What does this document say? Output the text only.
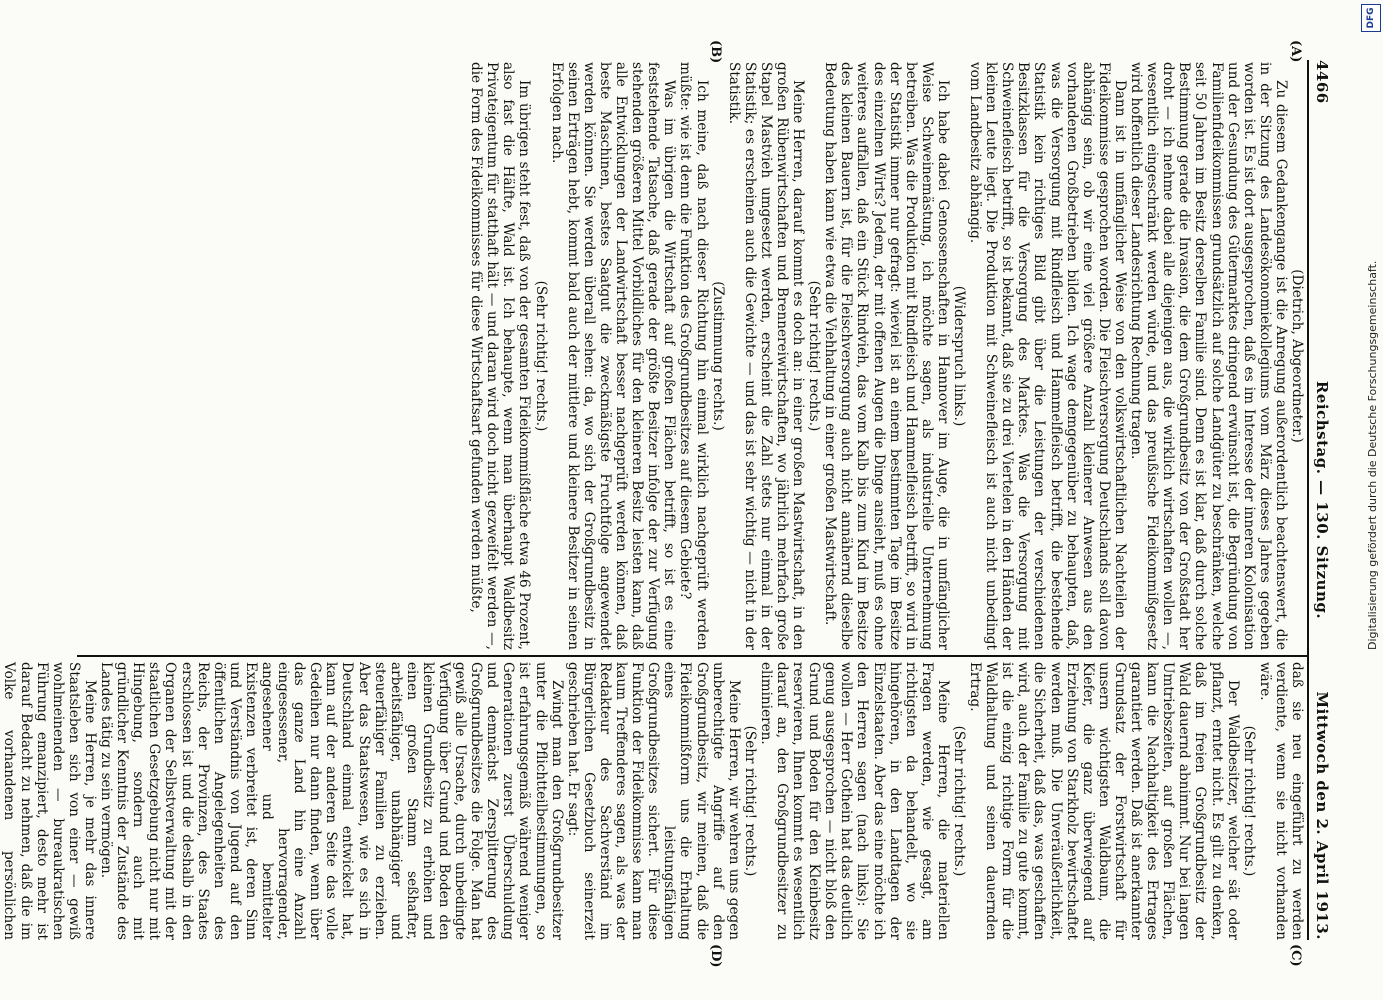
4466
Reichstag. — 130. Sitzung.
Mittwoch den 2. April 1913.
(A)
(B)
(C)
(D)

(Dietrich, Abgeordneter.)

Zu diesem Gedankengange ist die Anregung außerordentlich beachtenswert, die in der Sitzung des Landesökonomiekollegiums vom März dieses Jahres gegeben worden ist. Es ist dort ausgesprochen, daß es im Interesse der inneren Kolonisation und der Gesundung des Gütermarktes dringend erwünscht ist, die Begründung von Familienfideikommissen grundsätzlich auf solche Landgüter zu beschränken, welche seit 50 Jahren im Besitz derselben Familie sind. Denn es ist klar, daß durch solche Bestimmung gerade die Invasion, die dem Großgrundbesitz von der Großstadt her droht — ich nehme dabei alle diejenigen aus, die wirklich wirtschaften wollen —, wesentlich eingeschränkt werden würde, und das preußische Fideikommißgesetz wird hoffentlich dieser Landesrichtung Rechnung tragen.

Dann ist in umfänglicher Weise von den volkswirtschaftlichen Nachteilen der Fideikommisse gesprochen worden. Die Fleischversorgung Deutschlands soll davon abhängig sein, ob wir eine viel größere Anzahl kleinerer Anwesen aus den vorhandenen Großbetrieben bilden. Ich wage demgegenüber zu behaupten, daß, was die Versorgung mit Rindfleisch und Hammelfleisch betrifft, die bestehende Statistik kein richtiges Bild gibt über die Leistungen der verschiedenen Besitzklassen für die Versorgung des Marktes. Was die Versorgung mit Schweinefleisch betrifft, so ist bekannt, daß sie zu drei Viertelen in den Händen der kleinen Leute liegt. Die Produktion mit Schweinefleisch ist auch nicht unbedingt vom Landbesitz abhängig.

(Widerspruch links.)

Ich habe dabei Genossenschaften in Hannover im Auge, die in umfänglicher Weise Schweinemästung, ich möchte sagen, als industrielle Unternehmung betreiben. Was die Produktion mit Rindfleisch und Hammelfleisch betrifft, so wird in der Statistik immer nur gefragt: wieviel ist an einem bestimmten Tage im Besitze des einzelnen Wirts? Jedem, der mit offenen Augen die Dinge ansieht, muß es ohne weiteres auffallen, daß ein Stück Rindvieh, das vom Kalb bis zum Kind im Besitze des kleinen Bauern ist, für die Fleischversorgung auch nicht annähernd dieselbe Bedeutung haben kann wie etwa die Viehhaltung in einer großen Mastwirtschaft.

(Sehr richtig! rechts.)

Meine Herren, darauf kommt es doch an: in einer großen Mastwirtschaft, in den großen Rübenwirtschaften und Brennereiwirtschaften, wo jährlich mehrfach große Stapel Mastvieh umgesetzt werden, erscheint die Zahl stets nur einmal in der Statistik; es erscheinen auch die Gewichte — und das ist sehr wichtig — nicht in der Statistik.

(Zustimmung rechts.)

Ich meine, daß nach dieser Richtung hin einmal wirklich nachgeprüft werden müßte: wie ist denn die Funktion des Großgrundbesitzes auf diesem Gebiete?

Was im übrigen die Wirtschaft auf großen Flächen betrifft, so ist es eine feststehende Tatsache, daß gerade der größte Besitzer infolge der zur Verfügung stehenden größeren Mittel Vorbildliches für den kleineren Besitz leisten kann, daß alle Entwicklungen der Landwirtschaft besser nachgeprüft werden können, daß beste Maschinen, bestes Saatgut die zweckmäßigste Fruchtfolge angewendet werden können. Sie werden überall sehen: da, wo sich der Großgrundbesitz in seinen Erträgen hebt, kommt bald auch der mittlere und kleinere Besitzer in seinen Erfolgen nach.

(Sehr richtig! rechts.)

Im übrigen steht fest, daß von der gesamten Fideikommißfläche etwa 46 Prozent, also fast die Hälfte, Wald ist. Ich behaupte, wenn man überhaupt Waldbesitz Privateigentum für statthaft hält — und daran wird doch nicht gezweifelt werden —, die Form des Fideikommisses für diese Wirtschaftsart gefunden werden müßte,

daß sie neu eingeführt zu werden verdiente, wenn sie nicht vorhanden wäre.

(Sehr richtig! rechts.)

Der Waldbesitzer, welcher sät oder pflanzt, erntet nicht. Es gilt zu denken, daß im freien Großgrundbesitz der Wald dauernd abnimmt. Nur bei langen Umtriebszeiten, auf großen Flächen, kann die Nachhaltigkeit des Ertrages garantiert werden. Daß ist anerkannter Grundsatz der Forstwirtschaft für unsern wichtigsten Waldbaum, die Kiefer, die ganz überwiegend auf Erziehung von Starkholz bewirtschaftet werden muß. Die Unveräußerlichkeit, die Sicherheit, daß das, was geschaffen wird, auch der Familie zu gute kommt, ist die einzig richtige Form für die Waldhaltung und seinen dauernden Ertrag.

(Sehr richtig! rechts.)

Meine Herren, die materiellen Fragen werden, wie gesagt, am richtigsten da behandelt, wo sie hingehören, in den Landtagen der Einzelstaaten. Aber das eine möchte ich den Herren sagen (nach links): Sie wollen — Herr Gothein hat das deutlich genug ausgesprochen — nicht bloß den Grund und Boden für den Kleinbesitz reservieren, Ihnen kommt es wesentlich darauf an, den Großgrundbesitzer zu eliminieren.

(Sehr richtig! rechts.)

Meine Herren, wir wehren uns gegen unberechtigte Angriffe auf den Großgrundbesitz, wir meinen, daß die Fideikommißform uns die Erhaltung eines leistungsfähigen Großgrundbesitzes sichert. Für diese Funktion der Fideikommisse kann man kaum Treffenderes sagen, als was der Redakteur des Sachverständ im Bürgerlichen Gesetzbuch seinerzeit geschrieben hat. Er sagt:

Zwingt man den Großgrundbesitzer unter die Pflichtteilbestimmungen, so ist erfahrungsgemäß während weniger Generationen zuerst Überschuldung und demnächst Zersplitterung des Großgrundbesitzes die Folge. Man hat gewiß alle Ursache, durch unbedingte Verfügung über Grund und Boden den kleinen Grundbesitz zu erhöhen und einen großen Stamm seßhafter, arbeitsfähiger, unabhängiger und steuerfähiger Familien zu erziehen. Aber das Staatswesen, wie es sich in Deutschland einmal entwickelt hat, kann auf der anderen Seite das volle Gedeihen nur dann finden, wenn über das ganze Land hin eine Anzahl eingesessener, hervorragender, angesehener und bemittelter Existenzen verbreitet ist, deren Sinn und Verständnis von Jugend auf den öffentlichen Angelegenheiten des Reichs, der Provinzen, des Staates erschlossen ist und die deshalb in den Organen der Selbstverwaltung mit der staatlichen Gesetzgebung nicht nur mit Hingebung, sondern auch mit gründlicher Kenntnis der Zustände des Landes tätig zu sein vermögen.

Meine Herren, je mehr das innere Staatsleben sich von einer — gewiß wohlmeinenden — bureaukratischen Führung emanzipiert, desto mehr ist darauf Bedacht zu nehmen, daß die im Volke vorhandenen persönlichen

DFG
Digitalisierung gefördert durch die Deutsche Forschungsgemeinschaft.
